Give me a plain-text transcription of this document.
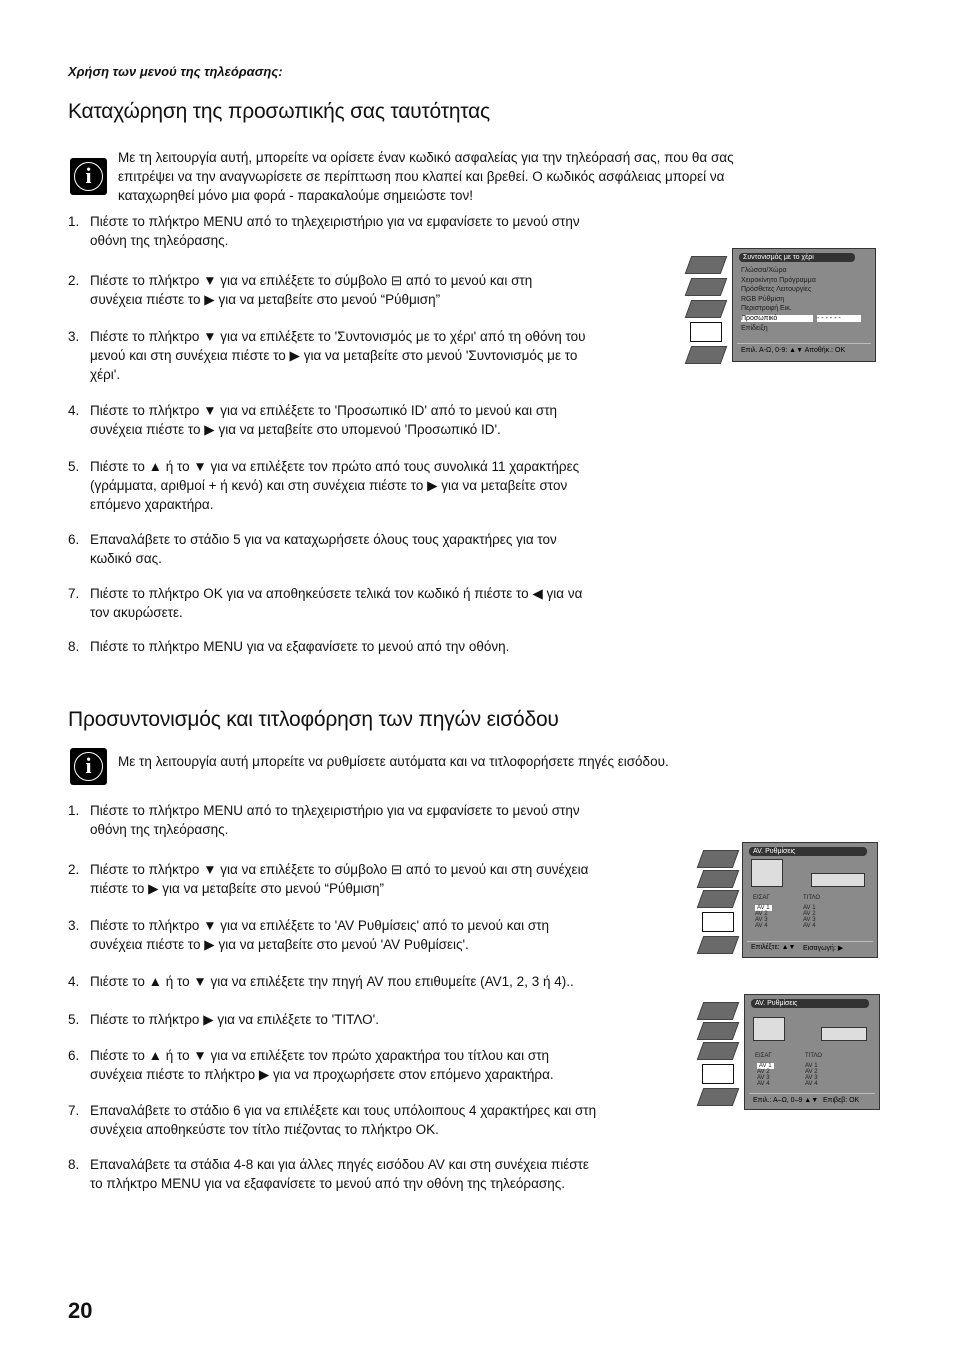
Χρήση των μενού της τηλεόρασης:
Καταχώρηση της προσωπικής σας ταυτότητας
i
Με τη λειτουργία αυτή, μπορείτε να ορίσετε έναν κωδικό ασφαλείας για την τηλεόρασή σας, που θα σας
επιτρέψει να την αναγνωρίσετε σε περίπτωση που κλαπεί και βρεθεί. Ο κωδικός ασφάλειας μπορεί να
καταχωρηθεί μόνο μια φορά - παρακαλούμε σημειώστε τον!
1. Πιέστε το πλήκτρο MENU από το τηλεχειριστήριο για να εμφανίσετε το μενού στην
οθόνη της τηλεόρασης.
2. Πιέστε το πλήκτρο ▼ για να επιλέξετε το σύμβολο ⊟ από το μενού και στη
συνέχεια πιέστε το ▶ για να μεταβείτε στο μενού “Ρύθμιση”
3. Πιέστε το πλήκτρο ▼ για να επιλέξετε το 'Συντονισμός με το χέρι' από τη οθόνη του
μενού και στη συνέχεια πιέστε το ▶ για να μεταβείτε στο μενού 'Συντονισμός με το
χέρι'.
4. Πιέστε το πλήκτρο ▼ για να επιλέξετε το 'Προσωπικό ID' από το μενού και στη
συνέχεια πιέστε το ▶ για να μεταβείτε στο υπομενού 'Προσωπικό ID'.
5. Πιέστε το ▲ ή το ▼ για να επιλέξετε τον πρώτο από τους συνολικά 11 χαρακτήρες
(γράμματα, αριθμοί + ή κενό) και στη συνέχεια πιέστε το ▶ για να μεταβείτε στον
επόμενο χαρακτήρα.
6. Επαναλάβετε το στάδιο 5 για να καταχωρήσετε όλους τους χαρακτήρες για τον
κωδικό σας.
7. Πιέστε το πλήκτρο OK για να αποθηκεύσετε τελικά τον κωδικό ή πιέστε το ◀ για να
τον ακυρώσετε.
8. Πιέστε το πλήκτρο MENU για να εξαφανίσετε το μενού από την οθόνη.
Συντονισμός με το χέρι
Γλώσσα/Χώρα
Χειροκίνητο Πρόγραμμα
Πρόσθετες Λειτουργίες
RGB Ρύθμιση
Περιστροφή Εικ.
Προσωπικό
Επίδειξη
- - - - - -
Επιλ. Α-Ω, 0-9: ▲▼ Αποθήκ.: OK
Προσυντονισμός και τιτλοφόρηση των πηγών εισόδου
i	Με τη λειτουργία αυτή μπορείτε να ρυθμίσετε αυτόματα και να τιτλοφορήσετε πηγές εισόδου.
1. Πιέστε το πλήκτρο MENU από το τηλεχειριστήριο για να εμφανίσετε το μενού στην
οθόνη της τηλεόρασης.
2. Πιέστε το πλήκτρο ▼ για να επιλέξετε το σύμβολο ⊟ από το μενού και στη συνέχεια
πιέστε το ▶ για να μεταβείτε στο μενού “Ρύθμιση”
3. Πιέστε το πλήκτρο ▼ για να επιλέξετε το 'AV Ρυθμίσεις' από το μενού και στη
συνέχεια πιέστε το ▶ για να μεταβείτε στο μενού 'AV Ρυθμίσεις'.
4. Πιέστε το ▲ ή το ▼ για να επιλέξετε την πηγή AV που επιθυμείτε (AV1, 2, 3 ή 4)..
5. Πιέστε το πλήκτρο ▶ για να επιλέξετε το 'ΤΙΤΛΟ'.
6. Πιέστε το ▲ ή το ▼ για να επιλέξετε τον πρώτο χαρακτήρα του τίτλου και στη
συνέχεια πιέστε το πλήκτρο ▶ για να προχωρήσετε στον επόμενο χαρακτήρα.
7. Επαναλάβετε το στάδιο 6 για να επιλέξετε και τους υπόλοιπους 4 χαρακτήρες και στη
συνέχεια αποθηκεύστε τον τίτλο πιέζοντας το πλήκτρο OK.
8. Επαναλάβετε τα στάδια 4-8 και για άλλες πηγές εισόδου AV και στη συνέχεια πιέστε
το πλήκτρο MENU για να εξαφανίσετε το μενού από την οθόνη της τηλεόρασης.
AV. Ρυθμίσεις
ΕΙΣΑΓ	ΤΙΤΛΟ
AV 1	AV 1
AV 2	AV 2
AV 3	AV 3
AV 4	AV 4
Επιλέξτε: ▲▼ Εισαγωγή: ▶
AV. Ρυθμίσεις
ΕΙΣΑΓ	ΤΙΤΛΟ
AV 1	AV 1
AV 2	AV 2
AV 3	AV 3
AV 4	AV 4
Επιλ.: Α–Ω, 0–9 ▲▼ Επιβεβ: OK
20
